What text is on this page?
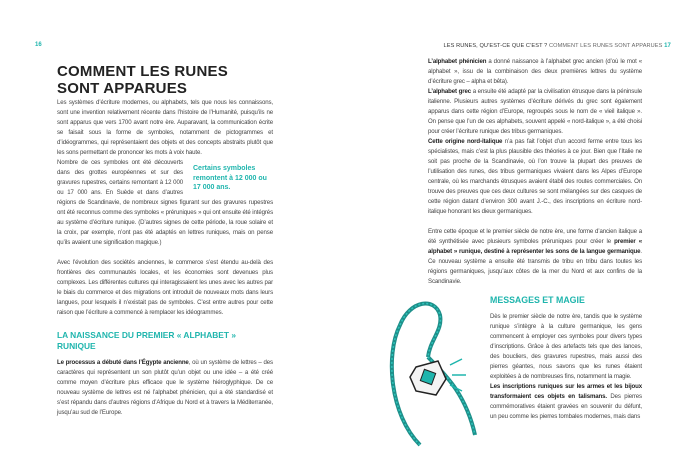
16
COMMENT LES RUNES
SONT APPARUES

Les systèmes d’écriture modernes, ou alphabets, tels que nous les connaissons, sont une invention relativement récente dans l’histoire de l’Humanité, puisqu’ils ne sont apparus que vers 1700 avant notre ère. Auparavant, la communication écrite se faisait sous la forme de symboles, notamment de pictogrammes et d’idéogrammes, qui représentaient des objets et des concepts abstraits plutôt que les sons permettant de prononcer les mots à voix haute.

Certains symboles remontent à 12 000 ou 17 000 ans.
Nombre de ces symboles ont été découverts dans des grottes européennes et sur des gravures rupestres, certains remontant à 12 000 ou 17 000 ans. En Suède et dans d’autres régions de Scandinavie, de nombreux signes figurant sur des gravures rupestres ont été reconnus comme des symboles « préruniques » qui ont ensuite été intégrés au système d’écriture runique. (D’autres signes de cette période, la roue solaire et la croix, par exemple, n’ont pas été adaptés en lettres runiques, mais on pense qu’ils avaient une signification magique.)

Avec l’évolution des sociétés anciennes, le commerce s’est étendu au-delà des frontières des communautés locales, et les économies sont devenues plus complexes. Les différentes cultures qui interagissaient les unes avec les autres par le biais du commerce et des migrations ont introduit de nouveaux mots dans leurs langues, pour lesquels il n’existait pas de symboles. C’est entre autres pour cette raison que l’écriture a commencé à remplacer les idéogrammes.

LA NAISSANCE DU PREMIER « ALPHABET » RUNIQUE

Le processus a débuté dans l’Égypte ancienne, où un système de lettres – des caractères qui représentent un son plutôt qu’un objet ou une idée – a été créé comme moyen d’écriture plus efficace que le système hiéroglyphique. De ce nouveau système de lettres est né l’alphabet phénicien, qui a été standardisé et s’est répandu dans d’autres régions d’Afrique du Nord et à travers la Méditerranée, jusqu’au sud de l’Europe.

LES RUNES, QU’EST-CE QUE C’EST ? COMMENT LES RUNES SONT APPARUES 17

L’alphabet phénicien a donné naissance à l’alphabet grec ancien (d’où le mot « alphabet », issu de la combinaison des deux premières lettres du système d’écriture grec – alpha et bêta).

L’alphabet grec a ensuite été adapté par la civilisation étrusque dans la péninsule italienne. Plusieurs autres systèmes d’écriture dérivés du grec sont également apparus dans cette région d’Europe, regroupés sous le nom de « vieil italique ». On pense que l’un de ces alphabets, souvent appelé « nord-italique », a été choisi pour créer l’écriture runique des tribus germaniques.

Cette origine nord-italique n’a pas fait l’objet d’un accord ferme entre tous les spécialistes, mais c’est la plus plausible des théories à ce jour. Bien que l’Italie ne soit pas proche de la Scandinavie, où l’on trouve la plupart des preuves de l’utilisation des runes, des tribus germaniques vivaient dans les Alpes d’Europe centrale, où les marchands étrusques avaient établi des routes commerciales. On trouve des preuves que ces deux cultures se sont mélangées sur des casques de cette région datant d’environ 300 avant J.-C., des inscriptions en écriture nord-italique honorant les dieux germaniques.

Entre cette époque et le premier siècle de notre ère, une forme d’ancien italique a été synthétisée avec plusieurs symboles préruniques pour créer le premier « alphabet » runique, destiné à représenter les sons de la langue germanique. Ce nouveau système a ensuite été transmis de tribu en tribu dans toutes les régions germaniques, jusqu’aux côtes de la mer du Nord et aux confins de la Scandinavie.

MESSAGES ET MAGIE

Dès le premier siècle de notre ère, tandis que le système runique s’intègre à la culture germanique, les gens commencent à employer ces symboles pour divers types d’inscriptions. Grâce à des artefacts tels que des lances, des boucliers, des gravures rupestres, mais aussi des pierres géantes, nous savons que les runes étaient exploitées à de nombreuses fins, notamment la magie.

Les inscriptions runiques sur les armes et les bijoux transformaient ces objets en talismans. Des pierres commémoratives étaient gravées en souvenir du défunt, un peu comme les pierres tombales modernes, mais dans
